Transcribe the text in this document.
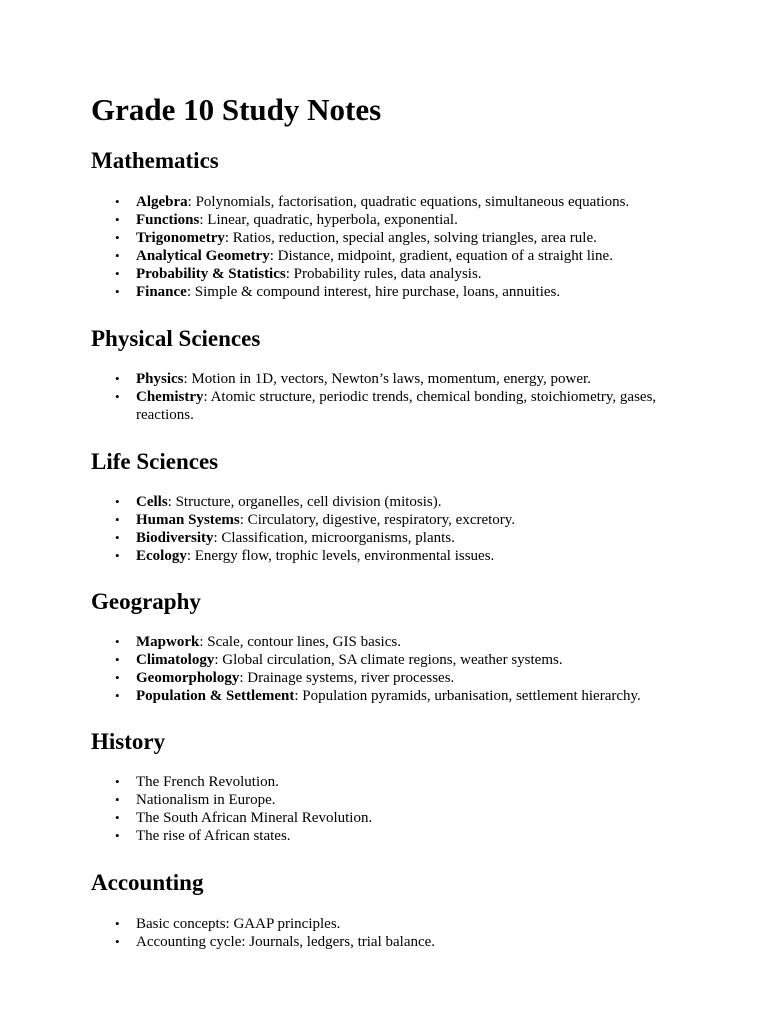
Grade 10 Study Notes
Mathematics
• Algebra: Polynomials, factorisation, quadratic equations, simultaneous equations.
• Functions: Linear, quadratic, hyperbola, exponential.
• Trigonometry: Ratios, reduction, special angles, solving triangles, area rule.
• Analytical Geometry: Distance, midpoint, gradient, equation of a straight line.
• Probability & Statistics: Probability rules, data analysis.
• Finance: Simple & compound interest, hire purchase, loans, annuities.
Physical Sciences
• Physics: Motion in 1D, vectors, Newton’s laws, momentum, energy, power.
• Chemistry: Atomic structure, periodic trends, chemical bonding, stoichiometry, gases, reactions.
Life Sciences
• Cells: Structure, organelles, cell division (mitosis).
• Human Systems: Circulatory, digestive, respiratory, excretory.
• Biodiversity: Classification, microorganisms, plants.
• Ecology: Energy flow, trophic levels, environmental issues.
Geography
• Mapwork: Scale, contour lines, GIS basics.
• Climatology: Global circulation, SA climate regions, weather systems.
• Geomorphology: Drainage systems, river processes.
• Population & Settlement: Population pyramids, urbanisation, settlement hierarchy.
History
• The French Revolution.
• Nationalism in Europe.
• The South African Mineral Revolution.
• The rise of African states.
Accounting
• Basic concepts: GAAP principles.
• Accounting cycle: Journals, ledgers, trial balance.
